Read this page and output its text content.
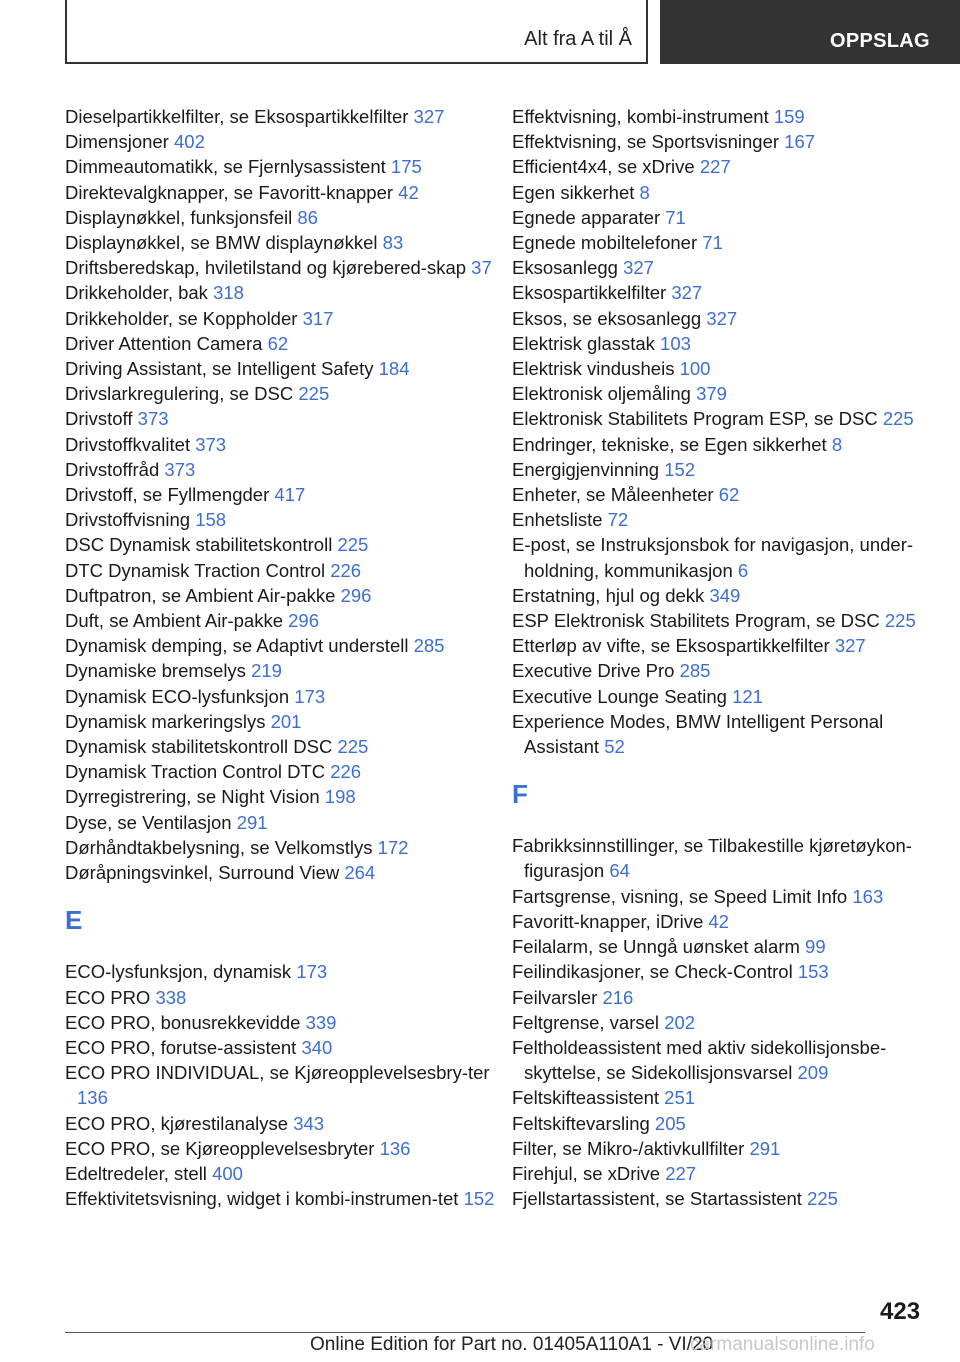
Alt fra A til Å	OPPSLAG
Dieselpartikkelfilter, se Eksospartikkelfilter 327
Dimensjoner 402
Dimmeautomatikk, se Fjernlysassistent 175
Direktevalgknapper, se Favoritt-knapper 42
Displaynøkkel, funksjonsfeil 86
Displaynøkkel, se BMW displaynøkkel 83
Driftsberedskap, hviletilstand og kjørebered-skap 37
Drikkeholder, bak 318
Drikkeholder, se Koppholder 317
Driver Attention Camera 62
Driving Assistant, se Intelligent Safety 184
Drivslarkregulering, se DSC 225
Drivstoff 373
Drivstoffkvalitet 373
Drivstoffråd 373
Drivstoff, se Fyllmengder 417
Drivstoffvisning 158
DSC Dynamisk stabilitetskontroll 225
DTC Dynamisk Traction Control 226
Duftpatron, se Ambient Air-pakke 296
Duft, se Ambient Air-pakke 296
Dynamisk demping, se Adaptivt understell 285
Dynamiske bremselys 219
Dynamisk ECO-lysfunksjon 173
Dynamisk markeringslys 201
Dynamisk stabilitetskontroll DSC 225
Dynamisk Traction Control DTC 226
Dyrregistrering, se Night Vision 198
Dyse, se Ventilasjon 291
Dørhåndtakbelysning, se Velkomstlys 172
Døråpningsvinkel, Surround View 264
E
ECO-lysfunksjon, dynamisk 173
ECO PRO 338
ECO PRO, bonusrekkevidde 339
ECO PRO, forutse-assistent 340
ECO PRO INDIVIDUAL, se Kjøreopplevelsesbry-ter 136
ECO PRO, kjørestilanalyse 343
ECO PRO, se Kjøreopplevelsesbryter 136
Edeltredeler, stell 400
Effektivitetsvisning, widget i kombi-instrumen-tet 152
Effektvisning, kombi-instrument 159
Effektvisning, se Sportsvisninger 167
Efficient4x4, se xDrive 227
Egen sikkerhet 8
Egnede apparater 71
Egnede mobiltelefoner 71
Eksosanlegg 327
Eksospartikkelfilter 327
Eksos, se eksosanlegg 327
Elektrisk glasstak 103
Elektrisk vindusheis 100
Elektronisk oljemåling 379
Elektronisk Stabilitets Program ESP, se DSC 225
Endringer, tekniske, se Egen sikkerhet 8
Energigjenvinning 152
Enheter, se Måleenheter 62
Enhetsliste 72
E-post, se Instruksjonsbok for navigasjon, under-holdning, kommunikasjon 6
Erstatning, hjul og dekk 349
ESP Elektronisk Stabilitets Program, se DSC 225
Etterløp av vifte, se Eksospartikkelfilter 327
Executive Drive Pro 285
Executive Lounge Seating 121
Experience Modes, BMW Intelligent Personal Assistant 52
F
Fabrikksinnstillinger, se Tilbakestille kjøretøykon-figurasjon 64
Fartsgrense, visning, se Speed Limit Info 163
Favoritt-knapper, iDrive 42
Feilalarm, se Unngå uønsket alarm 99
Feilindikasjoner, se Check-Control 153
Feilvarsler 216
Feltgrense, varsel 202
Feltholdeassistent med aktiv sidekollisjonsbe-skyttelse, se Sidekollisjonsvarsel 209
Feltskifteassistent 251
Feltskiftevarsling 205
Filter, se Mikro-/aktivkullfilter 291
Firehjul, se xDrive 227
Fjellstartassistent, se Startassistent 225
423
Online Edition for Part no. 01405A110A1 - VI/20
carmanualsonline.info
